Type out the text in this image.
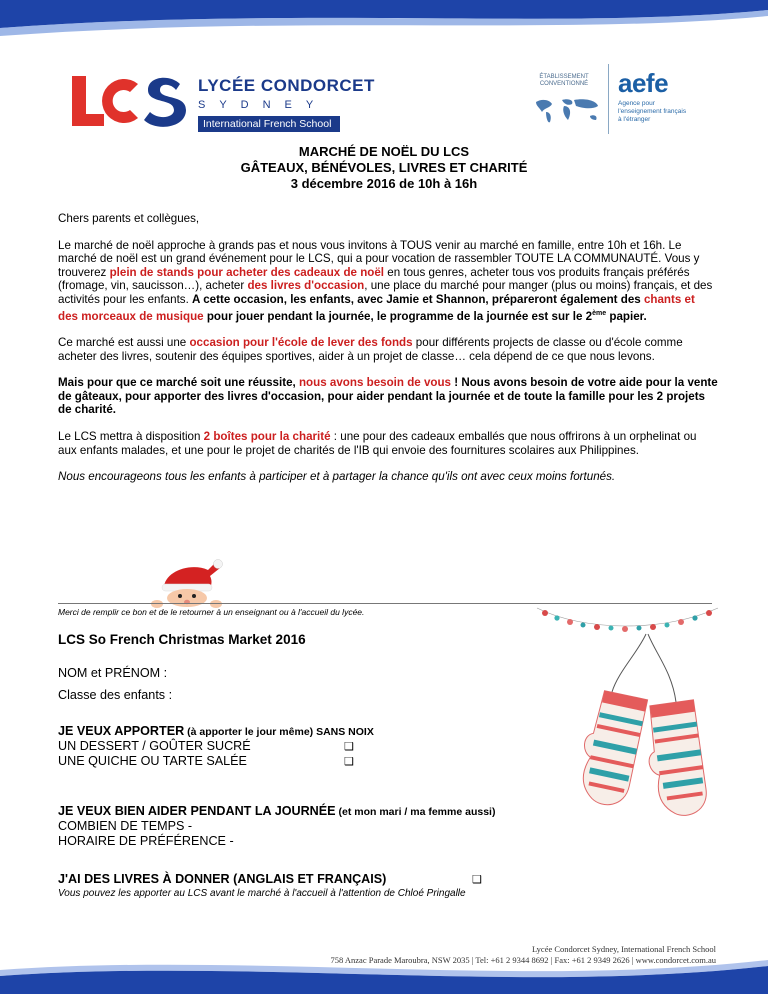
LYCÉE CONDORCET
SYDNEY
International French School
ÉTABLISSEMENT CONVENTIONNÉ	aefe
Agence pour
l'enseignement français
à l'étranger
MARCHÉ DE NOËL DU LCS
GÂTEAUX, BÉNÉVOLES, LIVRES ET CHARITÉ
3 décembre 2016 de 10h à 16h

Chers parents et collègues,

Le marché de noël approche à grands pas et nous vous invitons à TOUS venir au marché en famille, entre 10h et 16h. Le marché de noël est un grand événement pour le LCS, qui a pour vocation de rassembler TOUTE LA COMMUNAUTÉ. Vous y trouverez plein de stands pour acheter des cadeaux de noël en tous genres, acheter tous vos produits français préférés (fromage, vin, saucisson…), acheter des livres d'occasion, une place du marché pour manger (plus ou moins) français, et des activités pour les enfants. A cette occasion, les enfants, avec Jamie et Shannon, prépareront également des chants et des morceaux de musique pour jouer pendant la journée, le programme de la journée est sur le 2ème papier.

Ce marché est aussi une occasion pour l'école de lever des fonds pour différents projects de classe ou d'école comme acheter des livres, soutenir des équipes sportives, aider à un projet de classe… cela dépend de ce que nous levons.

Mais pour que ce marché soit une réussite, nous avons besoin de vous ! Nous avons besoin de votre aide pour la vente de gâteaux, pour apporter des livres d'occasion, pour aider pendant la journée et de toute la famille pour les 2 projets de charité.

Le LCS mettra à disposition 2 boîtes pour la charité : une pour des cadeaux emballés que nous offrirons à un orphelinat ou aux enfants malades, et une pour le projet de charités de l'IB qui envoie des fournitures scolaires aux Philippines.

Nous encourageons tous les enfants à participer et à partager la chance qu'ils ont avec ceux moins fortunés.

Merci de remplir ce bon et de le retourner à un enseignant ou à l'accueil du lycée.
LCS So French Christmas Market 2016
NOM et PRÉNOM :
Classe des enfants :
JE VEUX APPORTER (à apporter le jour même) SANS NOIX
UN DESSERT / GOÛTER SUCRÉ	❑
UNE QUICHE OU TARTE SALÉE	❑
JE VEUX BIEN AIDER PENDANT LA JOURNÉE (et mon mari / ma femme aussi)
COMBIEN DE TEMPS -
HORAIRE DE PRÉFÉRENCE -
J'AI DES LIVRES À DONNER (ANGLAIS ET FRANÇAIS)	❑
Vous pouvez les apporter au LCS avant le marché à l'accueil à l'attention de Chloé Pringalle
Lycée Condorcet Sydney, International French School
758 Anzac Parade Maroubra, NSW 2035 | Tel: +61 2 9344 8692 | Fax: +61 2 9349 2626 | www.condorcet.com.au
